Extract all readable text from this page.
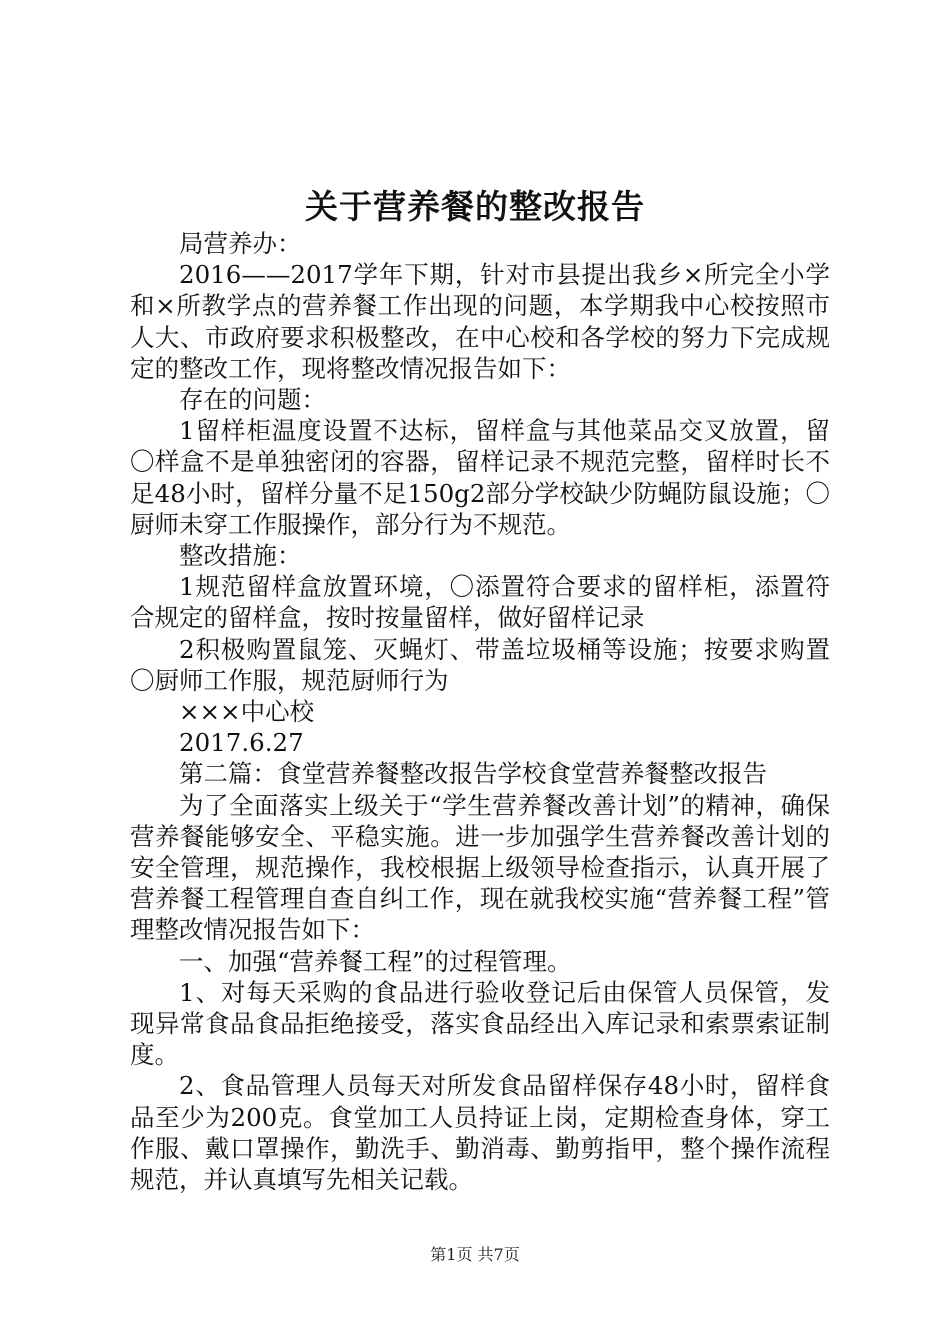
关于营养餐的整改报告

局营养办：

2016——2017学年下期，针对市县提出我乡×所完全小学和×所教学点的营养餐工作出现的问题，本学期我中心校按照市人大、市政府要求积极整改，在中心校和各学校的努力下完成规定的整改工作，现将整改情况报告如下：

存在的问题：

1留样柜温度设置不达标，留样盒与其他菜品交叉放置，留〇样盒不是单独密闭的容器，留样记录不规范完整，留样时长不足48小时，留样分量不足150g2部分学校缺少防蝇防鼠设施；〇厨师未穿工作服操作，部分行为不规范。

整改措施：

1规范留样盒放置环境，〇添置符合要求的留样柜，添置符合规定的留样盒，按时按量留样，做好留样记录

2积极购置鼠笼、灭蝇灯、带盖垃圾桶等设施；按要求购置〇厨师工作服，规范厨师行为

×××中心校

2017.6.27

第二篇：食堂营养餐整改报告学校食堂营养餐整改报告

为了全面落实上级关于“学生营养餐改善计划”的精神，确保营养餐能够安全、平稳实施。进一步加强学生营养餐改善计划的安全管理，规范操作，我校根据上级领导检查指示，认真开展了营养餐工程管理自查自纠工作，现在就我校实施“营养餐工程”管理整改情况报告如下：

一、加强“营养餐工程”的过程管理。

1、对每天采购的食品进行验收登记后由保管人员保管，发现异常食品食品拒绝接受，落实食品经出入库记录和索票索证制度。

2、食品管理人员每天对所发食品留样保存48小时，留样食品至少为200克。食堂加工人员持证上岗，定期检查身体，穿工作服、戴口罩操作，勤洗手、勤消毒、勤剪指甲，整个操作流程规范，并认真填写先相关记载。

第1页 共7页
